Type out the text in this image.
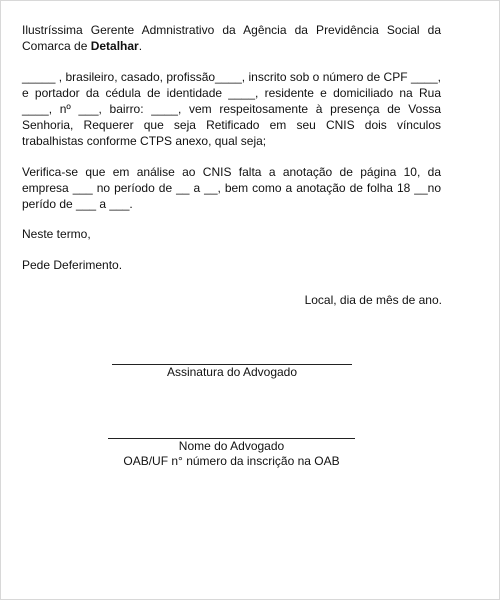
Ilustríssima Gerente Admnistrativo da Agência da Previdência Social da Comarca de Detalhar.

_____ , brasileiro, casado, profissão____, inscrito sob o número de CPF ____, e portador da cédula de identidade ____, residente e domiciliado na Rua ____, nº ___, bairro: ____, vem respeitosamente à presença de Vossa Senhoria, Requerer que seja Retificado em seu CNIS dois vínculos trabalhistas conforme CTPS anexo, qual seja;

Verifica-se que em análise ao CNIS falta a anotação de página 10, da empresa ___ no período de __ a __, bem como a anotação de folha 18 __no perído de ___ a ___.

Neste termo,

Pede Deferimento.

Local, dia de mês de ano.
Assinatura do Advogado
Nome do Advogado
OAB/UF n° número da inscrição na OAB
